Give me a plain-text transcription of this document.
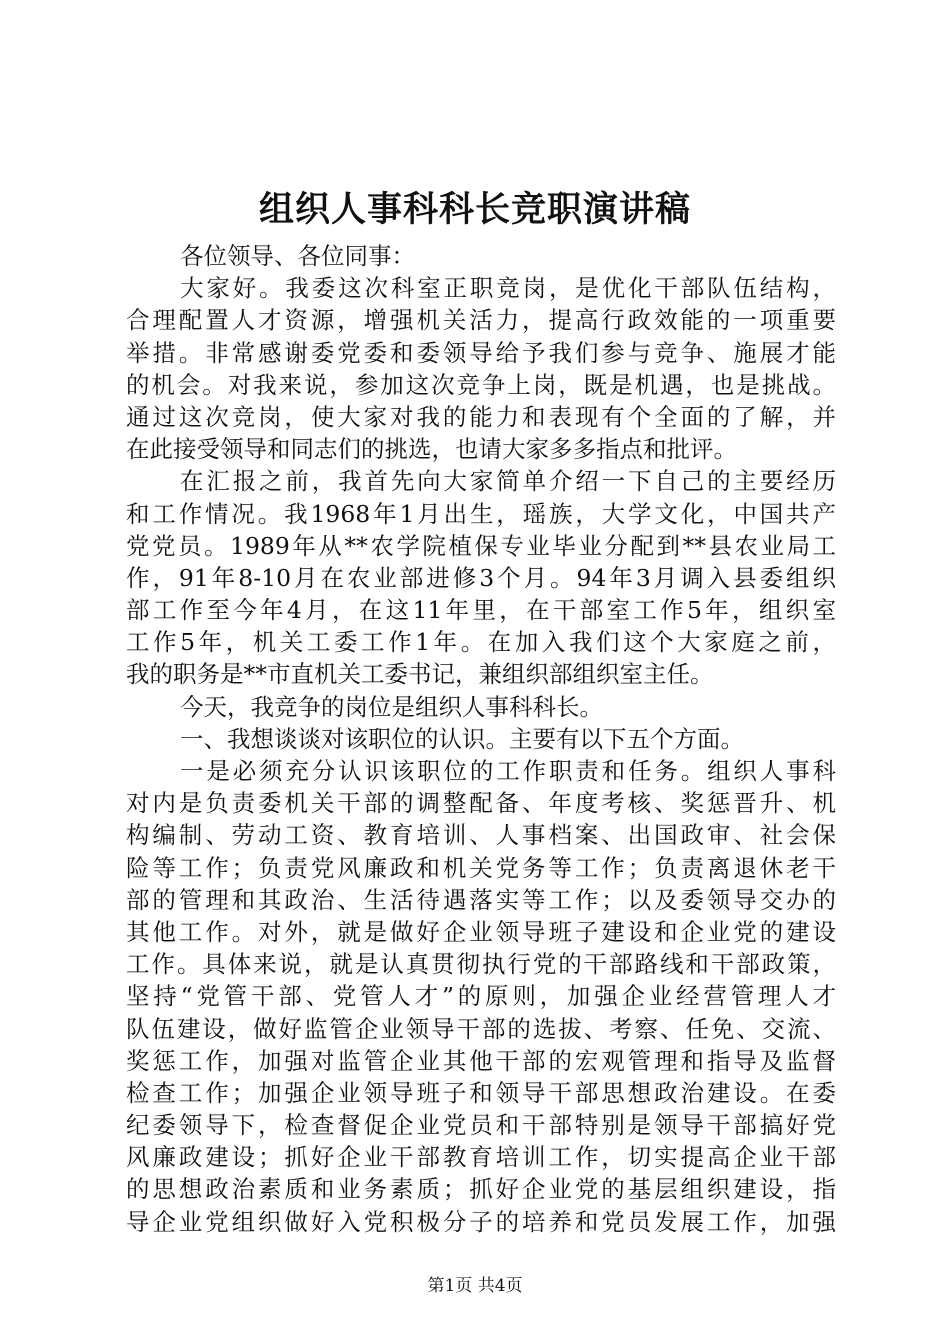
组织人事科科长竞职演讲稿
各位领导、各位同事：
大家好。我委这次科室正职竞岗，是优化干部队伍结构，
合理配置人才资源，增强机关活力，提高行政效能的一项重要
举措。非常感谢委党委和委领导给予我们参与竞争、施展才能
的机会。对我来说，参加这次竞争上岗，既是机遇，也是挑战。
通过这次竞岗，使大家对我的能力和表现有个全面的了解，并
在此接受领导和同志们的挑选，也请大家多多指点和批评。
在汇报之前，我首先向大家简单介绍一下自己的主要经历
和工作情况。我1968年1月出生，瑶族，大学文化，中国共产
党党员。1989年从**农学院植保专业毕业分配到**县农业局工
作，91年8-10月在农业部进修3个月。94年3月调入县委组织
部工作至今年4月，在这11年里，在干部室工作5年，组织室
工作5年，机关工委工作1年。在加入我们这个大家庭之前，
我的职务是**市直机关工委书记，兼组织部组织室主任。
今天，我竞争的岗位是组织人事科科长。
一、我想谈谈对该职位的认识。主要有以下五个方面。
一是必须充分认识该职位的工作职责和任务。组织人事科
对内是负责委机关干部的调整配备、年度考核、奖惩晋升、机
构编制、劳动工资、教育培训、人事档案、出国政审、社会保
险等工作；负责党风廉政和机关党务等工作；负责离退休老干
部的管理和其政治、生活待遇落实等工作；以及委领导交办的
其他工作。对外，就是做好企业领导班子建设和企业党的建设
工作。具体来说，就是认真贯彻执行党的干部路线和干部政策，
坚持“党管干部、党管人才”的原则，加强企业经营管理人才
队伍建设，做好监管企业领导干部的选拔、考察、任免、交流、
奖惩工作，加强对监管企业其他干部的宏观管理和指导及监督
检查工作；加强企业领导班子和领导干部思想政治建设。在委
纪委领导下，检查督促企业党员和干部特别是领导干部搞好党
风廉政建设；抓好企业干部教育培训工作，切实提高企业干部
的思想政治素质和业务素质；抓好企业党的基层组织建设，指
导企业党组织做好入党积极分子的培养和党员发展工作，加强
第1页 共4页
